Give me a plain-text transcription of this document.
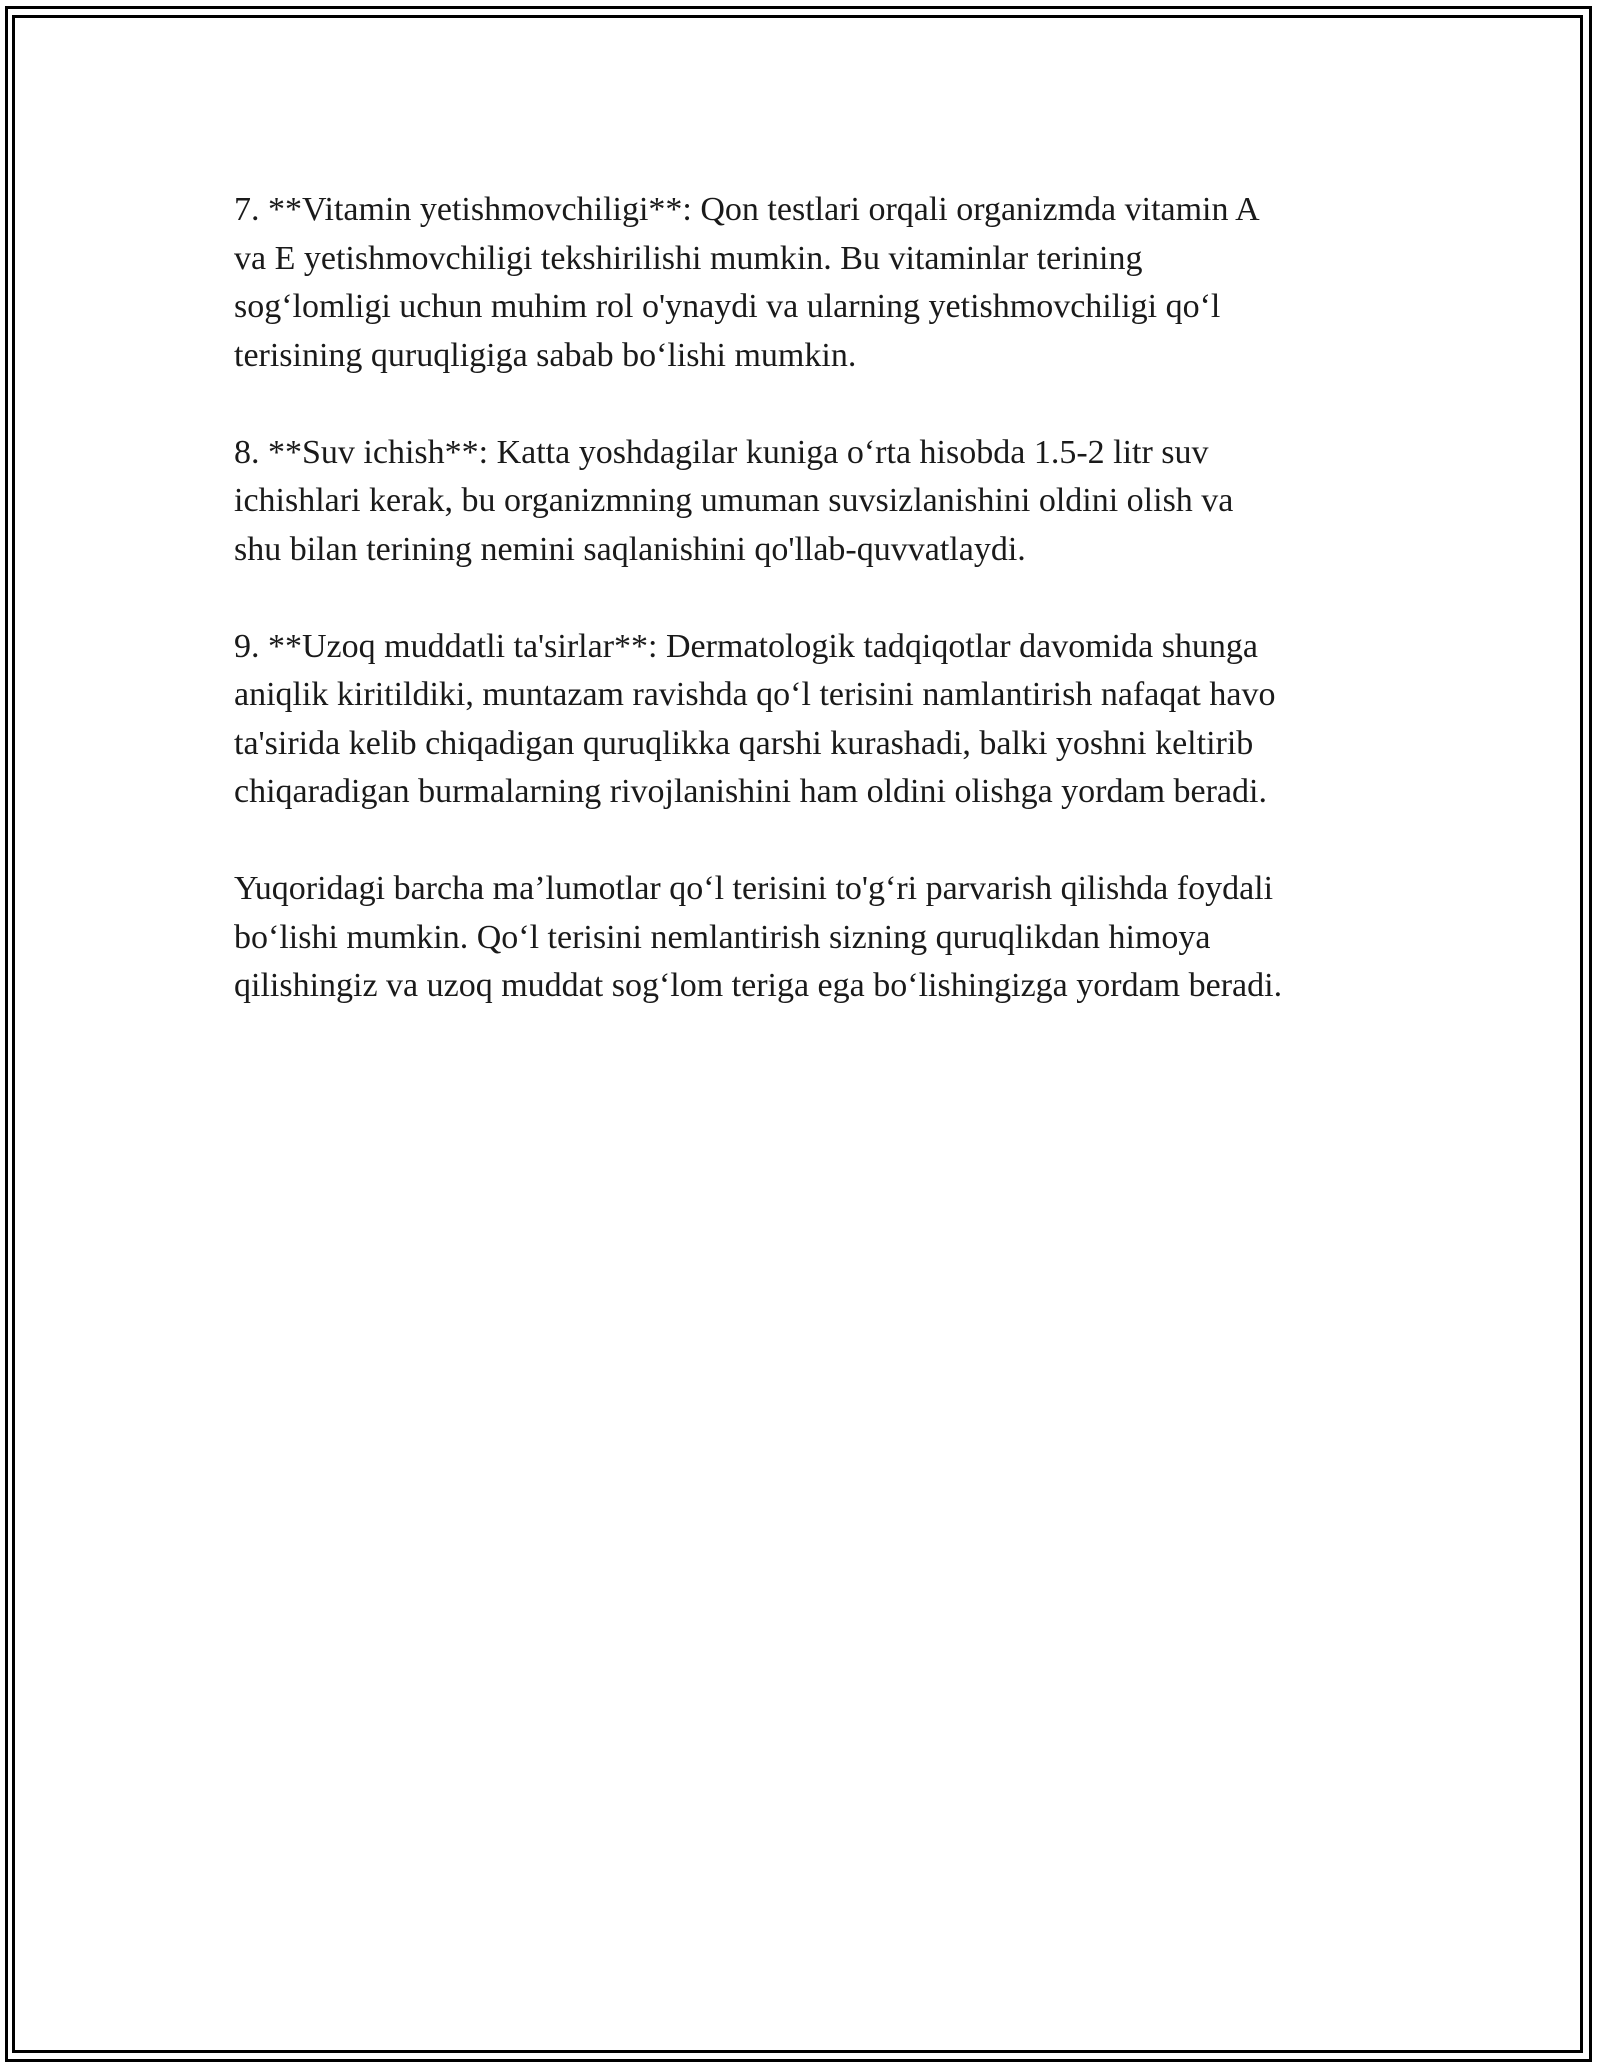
7. **Vitamin yetishmovchiligi**: Qon testlari orqali organizmda vitamin A
va E yetishmovchiligi tekshirilishi mumkin. Bu vitaminlar terining
sog‘lomligi uchun muhim rol o'ynaydi va ularning yetishmovchiligi qo‘l
terisining quruqligiga sabab bo‘lishi mumkin.

8. **Suv ichish**: Katta yoshdagilar kuniga o‘rta hisobda 1.5-2 litr suv
ichishlari kerak, bu organizmning umuman suvsizlanishini oldini olish va
shu bilan terining nemini saqlanishini qo'llab-quvvatlaydi.

9. **Uzoq muddatli ta'sirlar**: Dermatologik tadqiqotlar davomida shunga
aniqlik kiritildiki, muntazam ravishda qo‘l terisini namlantirish nafaqat havo
ta'sirida kelib chiqadigan quruqlikka qarshi kurashadi, balki yoshni keltirib
chiqaradigan burmalarning rivojlanishini ham oldini olishga yordam beradi.

Yuqoridagi barcha ma’lumotlar qo‘l terisini to'g‘ri parvarish qilishda foydali
bo‘lishi mumkin. Qo‘l terisini nemlantirish sizning quruqlikdan himoya
qilishingiz va uzoq muddat sog‘lom teriga ega bo‘lishingizga yordam beradi.
